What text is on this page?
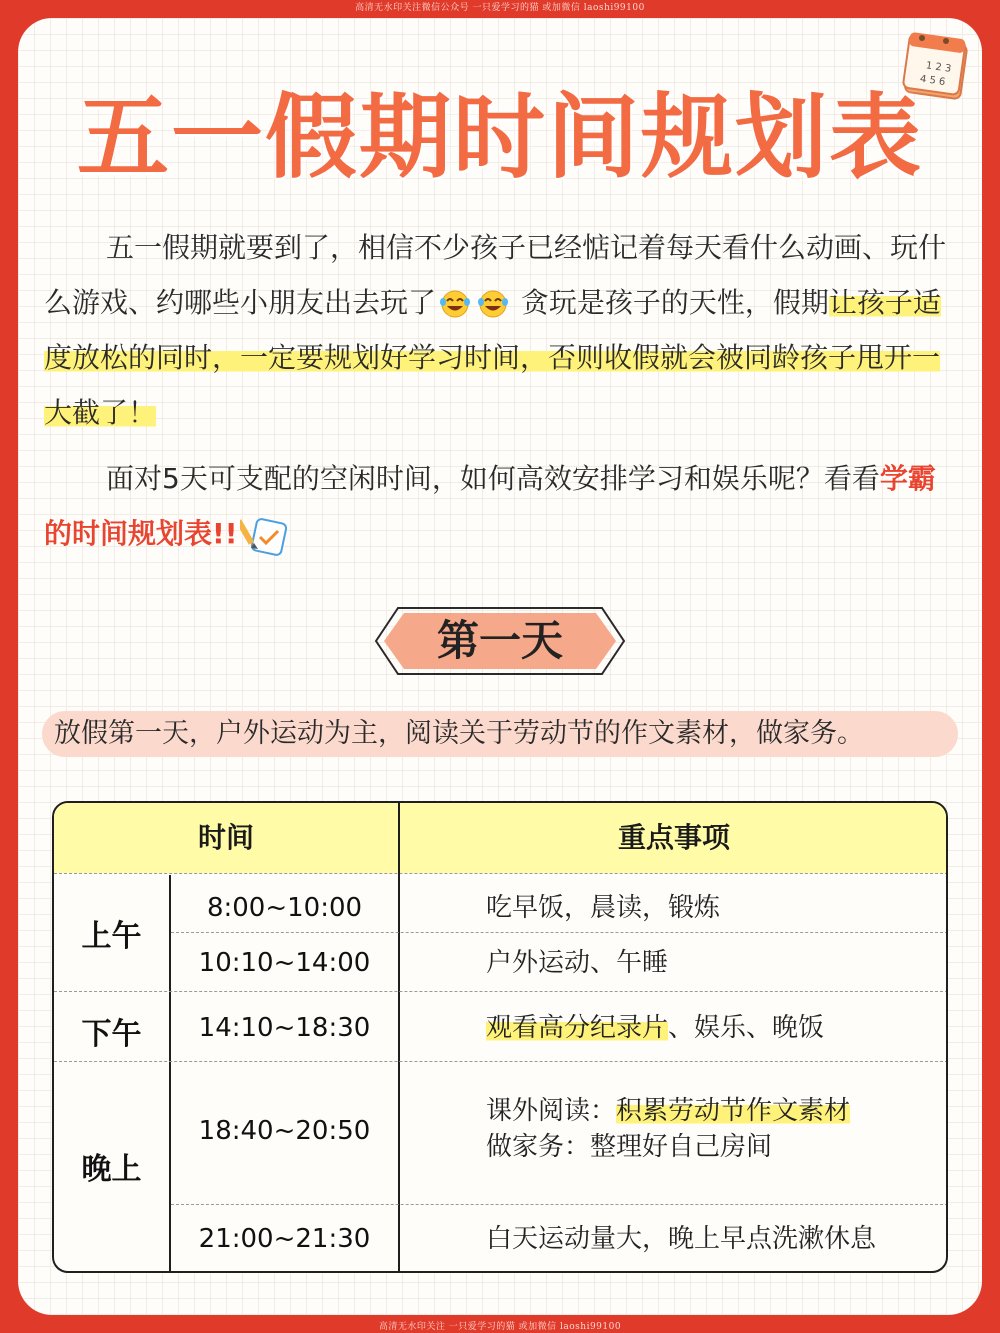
高清无水印关注微信公众号 一只爱学习的猫 或加微信 laoshi99100
1 2 3
4 5 6
五一假期时间规划表
五一假期就要到了，相信不少孩子已经惦记着每天看什么动画、玩什么游戏、约哪些小朋友出去玩了	贪玩是孩子的天性，假期让孩子适度放松的同时，一定要规划好学习时间，否则收假就会被同龄孩子甩开一大截了！
面对5天可支配的空闲时间，如何高效安排学习和娱乐呢？看看学霸的时间规划表!!
第一天
放假第一天，户外运动为主，阅读关于劳动节的作文素材，做家务。
时间	重点事项
上午
下午
晚上
8:00~10:00
10:10~14:00
14:10~18:30
18:40~20:50
21:00~21:30
吃早饭，晨读，锻炼
户外运动、午睡
观看高分纪录片、娱乐、晚饭
课外阅读：积累劳动节作文素材
做家务：整理好自己房间
白天运动量大，晚上早点洗漱休息
高清无水印关注 一只爱学习的猫 或加微信 laoshi99100
